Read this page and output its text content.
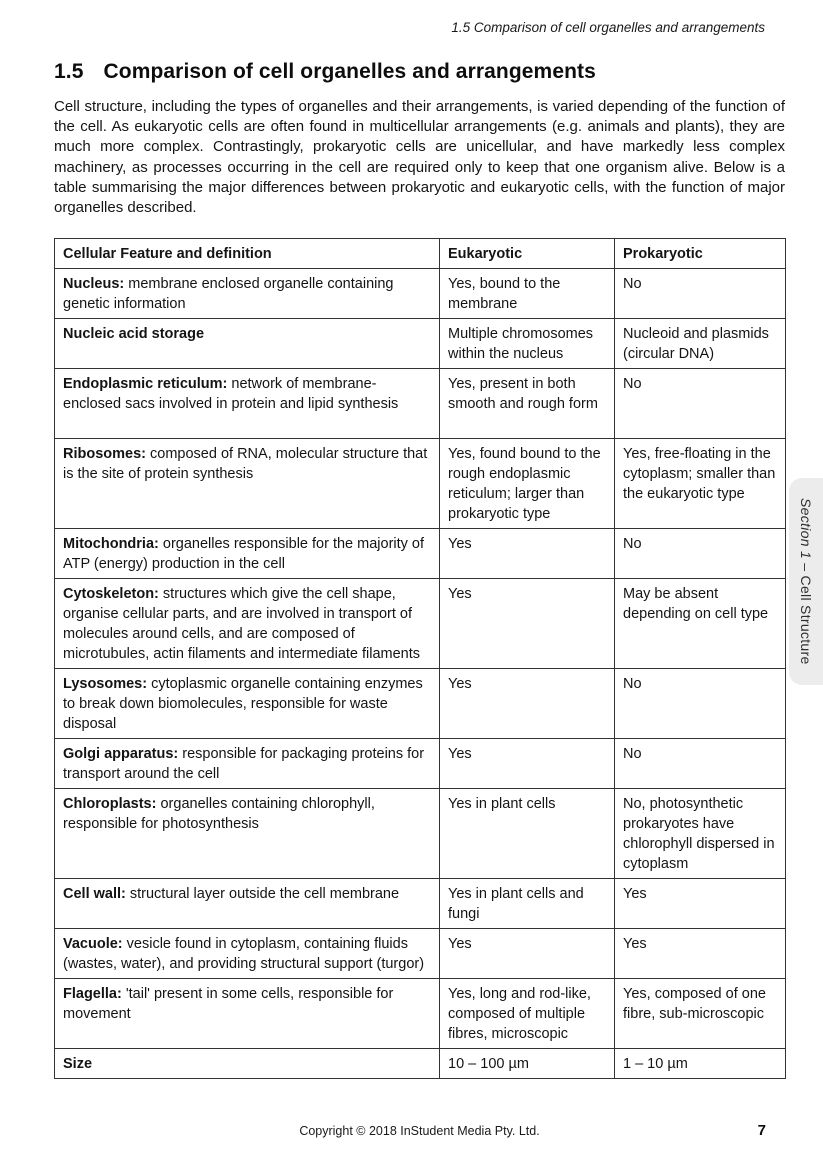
1.5 Comparison of cell organelles and arrangements
1.5 Comparison of cell organelles and arrangements

Cell structure, including the types of organelles and their arrangements, is varied depending of the function of the cell. As eukaryotic cells are often found in multicellular arrangements (e.g. animals and plants), they are much more complex. Contrastingly, prokaryotic cells are unicellular, and have markedly less complex machinery, as processes occurring in the cell are required only to keep that one organism alive. Below is a table summarising the major differences between prokaryotic and eukaryotic cells, with the function of major organelles described.

Cellular Feature and definition	Eukaryotic	Prokaryotic
Nucleus: membrane enclosed organelle containing genetic information	Yes, bound to the membrane	No
Nucleic acid storage	Multiple chromosomes within the nucleus	Nucleoid and plasmids (circular DNA)
Endoplasmic reticulum: network of membrane-enclosed sacs involved in protein and lipid synthesis	Yes, present in both smooth and rough form	No
Ribosomes: composed of RNA, molecular structure that is the site of protein synthesis	Yes, found bound to the rough endoplasmic reticulum; larger than prokaryotic type	Yes, free-floating in the cytoplasm; smaller than the eukaryotic type
Mitochondria: organelles responsible for the majority of ATP (energy) production in the cell	Yes	No
Cytoskeleton: structures which give the cell shape, organise cellular parts, and are involved in transport of molecules around cells, and are composed of microtubules, actin filaments and intermediate filaments	Yes	May be absent depending on cell type
Lysosomes: cytoplasmic organelle containing enzymes to break down biomolecules, responsible for waste disposal	Yes	No
Golgi apparatus: responsible for packaging proteins for transport around the cell	Yes	No
Chloroplasts: organelles containing chlorophyll, responsible for photosynthesis	Yes in plant cells	No, photosynthetic prokaryotes have chlorophyll dispersed in cytoplasm
Cell wall: structural layer outside the cell membrane	Yes in plant cells and fungi	Yes
Vacuole: vesicle found in cytoplasm, containing fluids (wastes, water), and providing structural support (turgor)	Yes	Yes
Flagella: 'tail' present in some cells, responsible for movement	Yes, long and rod-like, composed of multiple fibres, microscopic	Yes, composed of one fibre, sub-microscopic
Size	10 – 100 µm	1 – 10 µm
Section 1 – Cell Structure
Copyright © 2018 InStudent Media Pty. Ltd.	7
